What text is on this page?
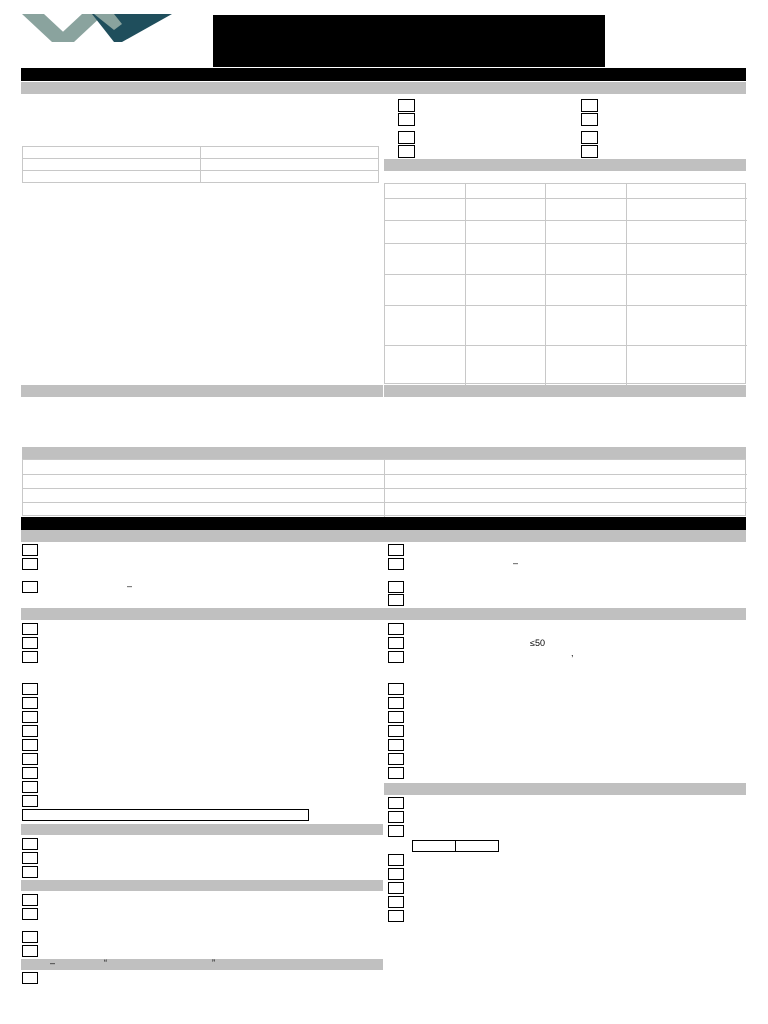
–
–
≤50
,
–	“	”
